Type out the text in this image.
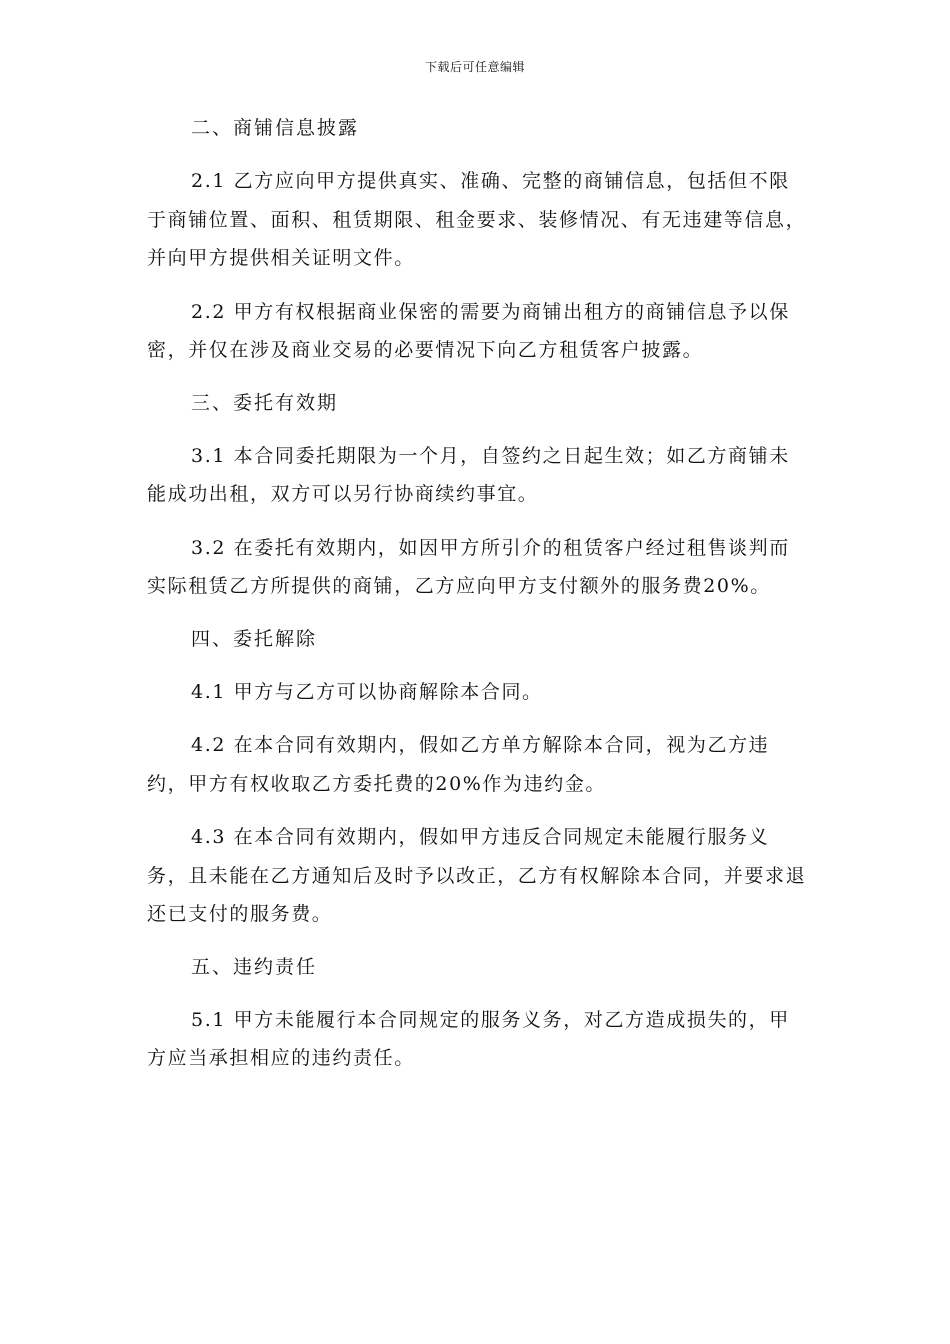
下载后可任意编辑
二、商铺信息披露
2.1 乙方应向甲方提供真实、准确、完整的商铺信息，包括但不限于商铺位置、面积、租赁期限、租金要求、装修情况、有无违建等信息，并向甲方提供相关证明文件。
2.2 甲方有权根据商业保密的需要为商铺出租方的商铺信息予以保密，并仅在涉及商业交易的必要情况下向乙方租赁客户披露。
三、委托有效期
3.1 本合同委托期限为一个月，自签约之日起生效；如乙方商铺未能成功出租，双方可以另行协商续约事宜。
3.2 在委托有效期内，如因甲方所引介的租赁客户经过租售谈判而实际租赁乙方所提供的商铺，乙方应向甲方支付额外的服务费20%。
四、委托解除
4.1 甲方与乙方可以协商解除本合同。
4.2 在本合同有效期内，假如乙方单方解除本合同，视为乙方违约，甲方有权收取乙方委托费的20%作为违约金。
4.3 在本合同有效期内，假如甲方违反合同规定未能履行服务义务，且未能在乙方通知后及时予以改正，乙方有权解除本合同，并要求退还已支付的服务费。
五、违约责任
5.1 甲方未能履行本合同规定的服务义务，对乙方造成损失的，甲方应当承担相应的违约责任。
